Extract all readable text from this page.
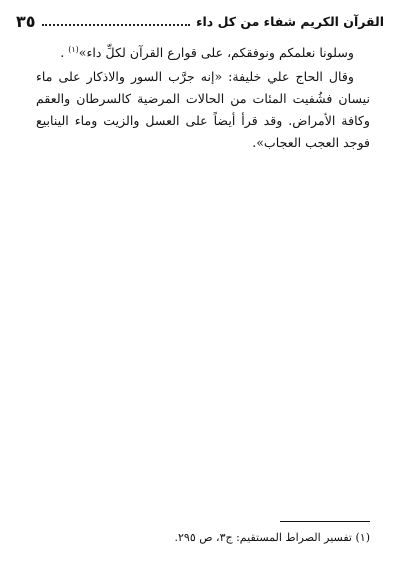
القرآن الكريم شفاء من كل داء
٣٥

وسلونا نعلمكم ونوفقكم، على قوارع القرآن لكلِّ داء»$^{(١)}$ .

وقال الحاج علي خليفة: «إنه جرَّب السور والاذكار على ماء نيسان فشُفيت المئات من الحالات المرضية كالسرطان والعقم وكافة الأمراض. وقد قرأ أيضاً على العسل والزيت وماء الينابيع فوجد العجب العجاب».

(١) تفسير الصراط المستقيم: ج٣، ص ٢٩٥.
